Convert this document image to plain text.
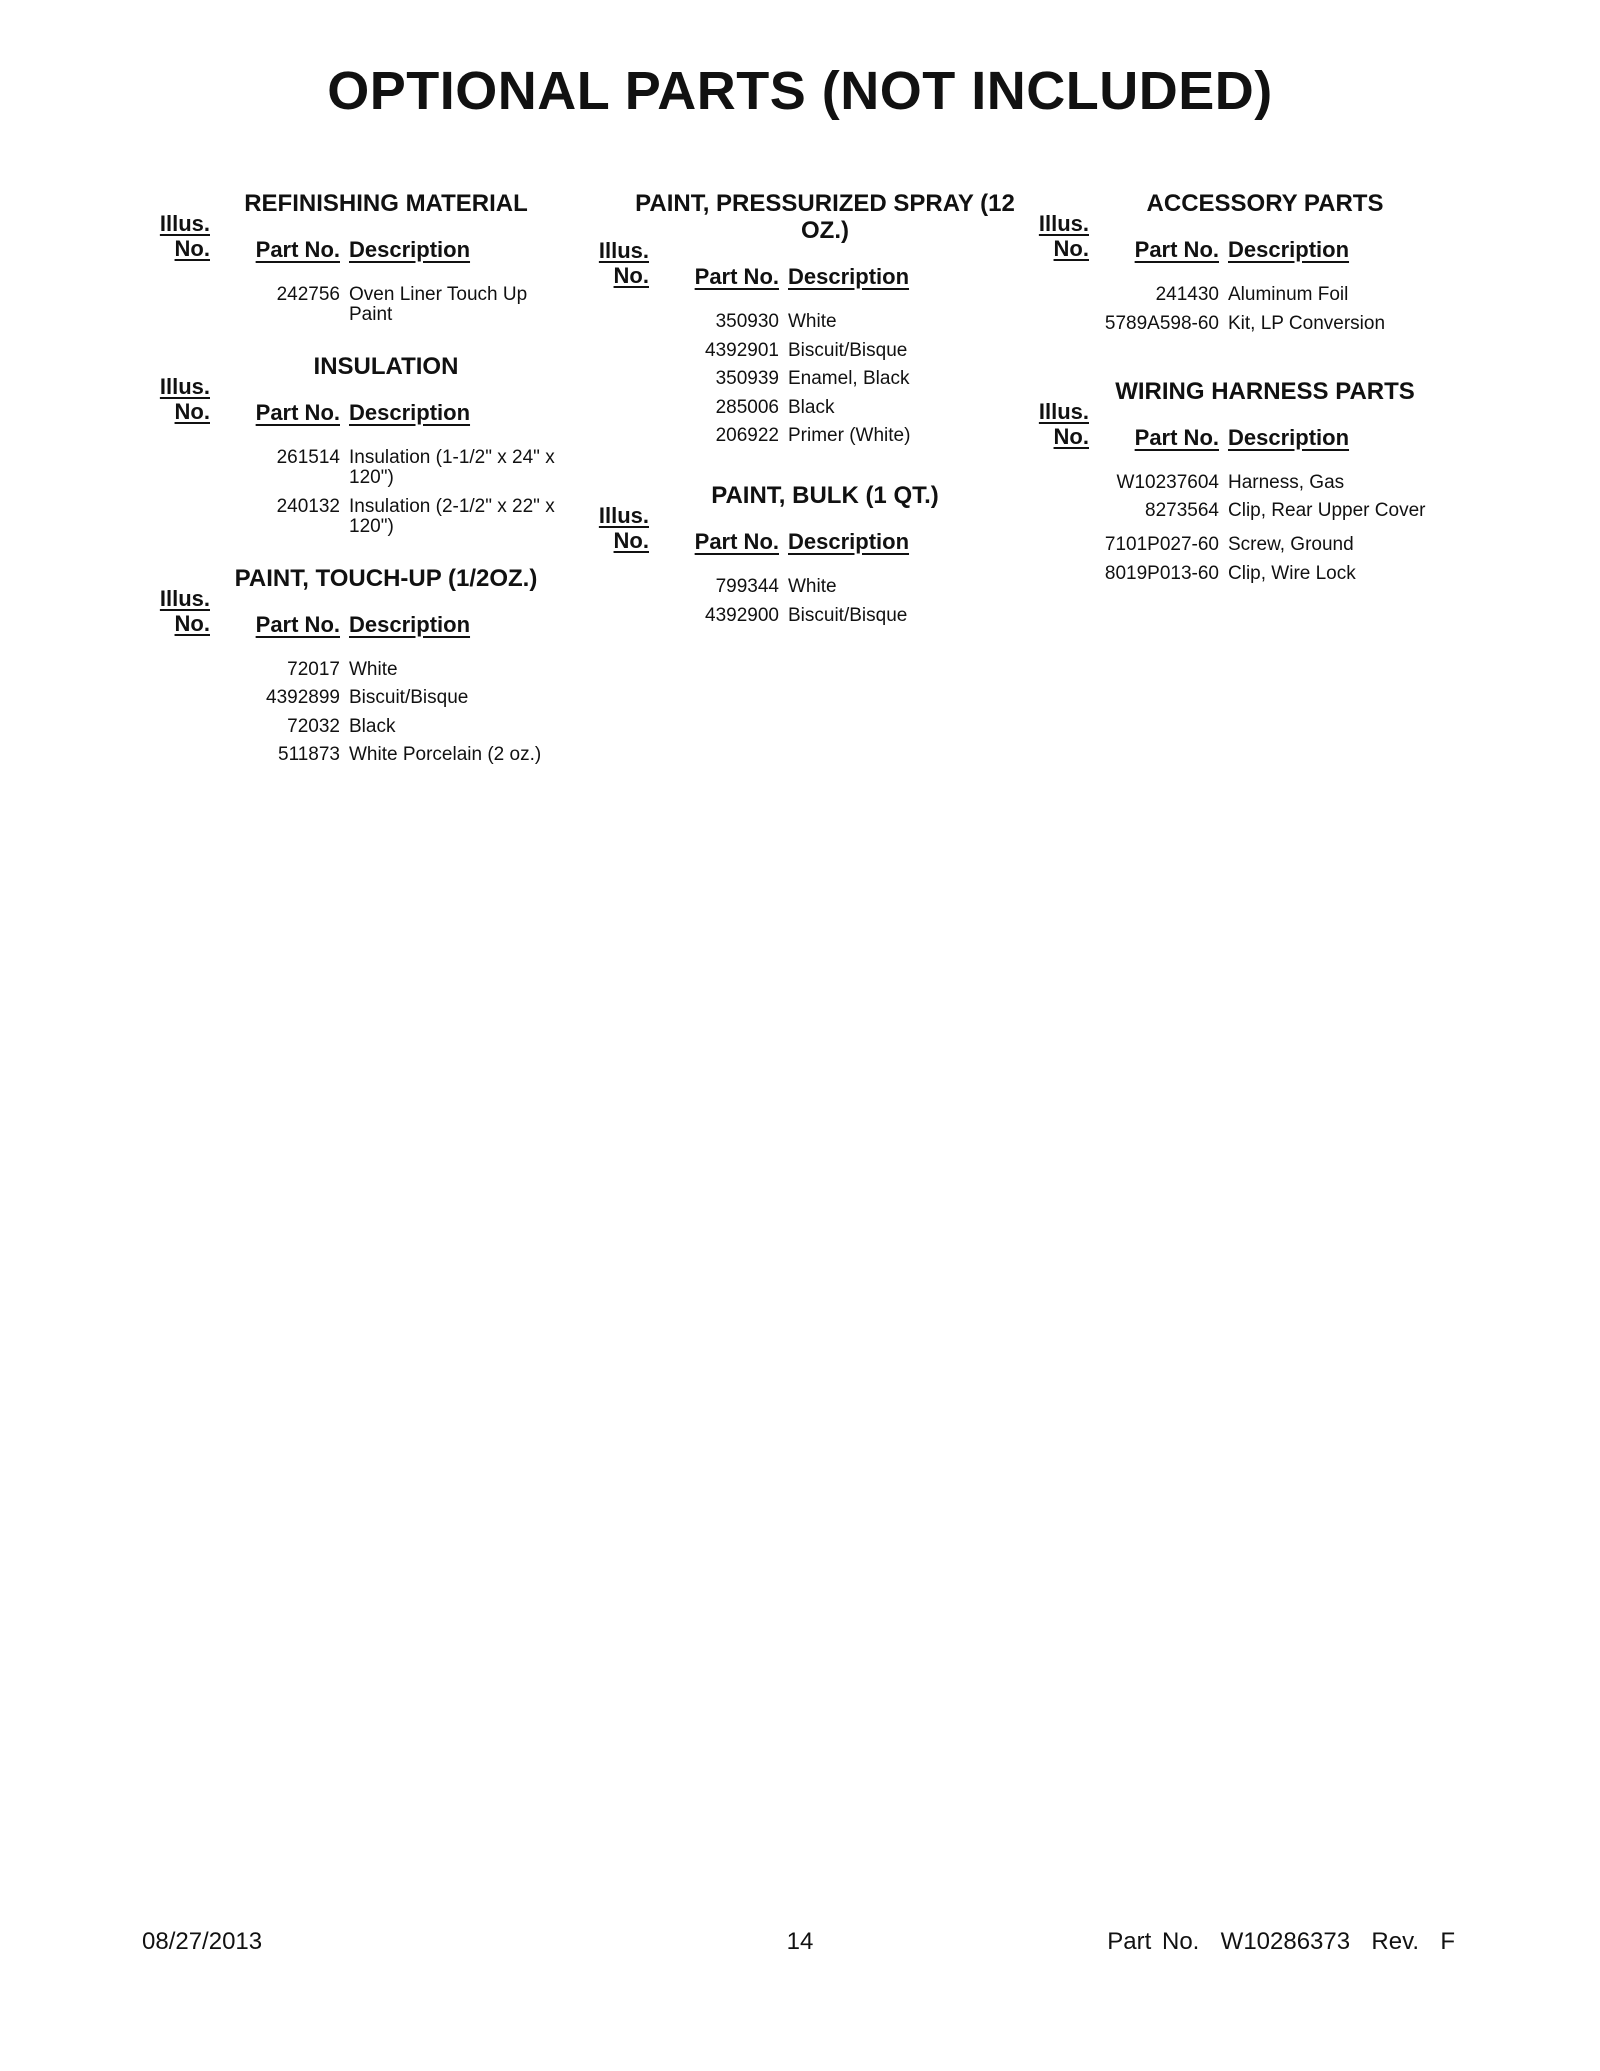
OPTIONAL PARTS (NOT INCLUDED)
REFINISHING MATERIAL
Illus.
No.	Part No. Description
242756 Oven Liner Touch Up Paint
INSULATION
Illus.
No.	Part No. Description
261514 Insulation (1-1/2" x 24" x 120")
240132 Insulation (2-1/2" x 22" x 120")
PAINT, TOUCH-UP (1/2OZ.)
Illus.
No.	Part No. Description
72017 White
4392899 Biscuit/Bisque
72032 Black
511873 White Porcelain (2 oz.)
PAINT, PRESSURIZED SPRAY (12 OZ.)
Illus.
No.	Part No. Description
350930 White
4392901 Biscuit/Bisque
350939 Enamel, Black
285006 Black
206922 Primer (White)
PAINT, BULK (1 QT.)
Illus.
No.	Part No. Description
799344 White
4392900 Biscuit/Bisque
ACCESSORY PARTS
Illus.
No.	Part No. Description
241430 Aluminum Foil
5789A598-60 Kit, LP Conversion
WIRING HARNESS PARTS
Illus.
No.	Part No. Description
W10237604 Harness, Gas
8273564 Clip, Rear Upper Cover
7101P027-60 Screw, Ground
8019P013-60 Clip, Wire Lock
08/27/2013	14	Part No.  W10286373  Rev.  F
